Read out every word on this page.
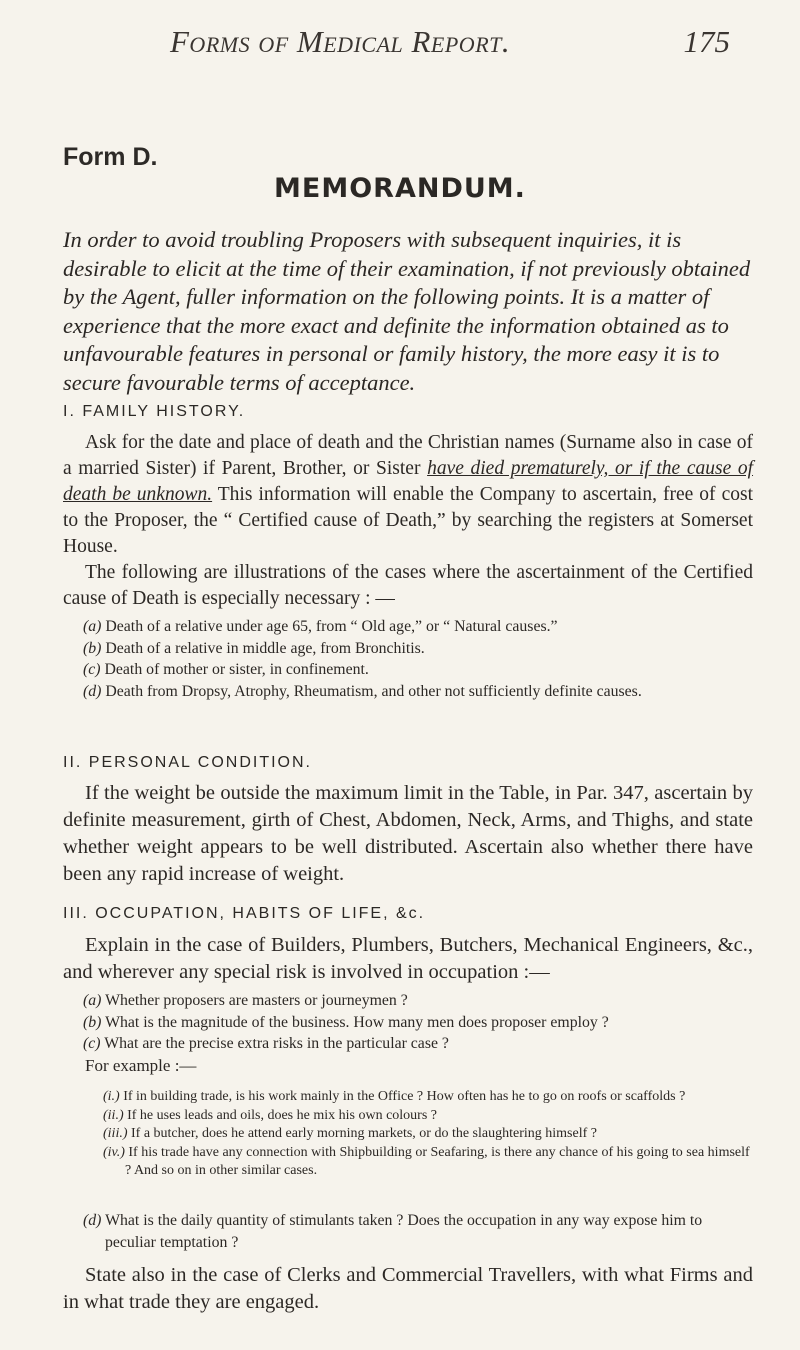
Forms of Medical Report.	175
Form D.
MEMORANDUM.
In order to avoid troubling Proposers with subsequent inquiries, it is desirable to elicit at the time of their examination, if not previously obtained by the Agent, fuller information on the following points. It is a matter of experience that the more exact and definite the information obtained as to unfavourable features in personal or family history, the more easy it is to secure favourable terms of acceptance.
I. FAMILY HISTORY.
Ask for the date and place of death and the Christian names (Surname also in case of a married Sister) if Parent, Brother, or Sister have died prematurely, or if the cause of death be unknown. This information will enable the Company to ascertain, free of cost to the Proposer, the “ Certified cause of Death,” by searching the registers at Somerset House.
The following are illustrations of the cases where the ascertainment of the Certified cause of Death is especially necessary : —
(a) Death of a relative under age 65, from “ Old age,” or “ Natural causes.”
(b) Death of a relative in middle age, from Bronchitis.
(c) Death of mother or sister, in confinement.
(d) Death from Dropsy, Atrophy, Rheumatism, and other not sufficiently definite causes.
II. PERSONAL CONDITION.
If the weight be outside the maximum limit in the Table, in Par. 347, ascertain by definite measurement, girth of Chest, Abdomen, Neck, Arms, and Thighs, and state whether weight appears to be well distributed. Ascertain also whether there have been any rapid increase of weight.
III. OCCUPATION, HABITS OF LIFE, &c.
Explain in the case of Builders, Plumbers, Butchers, Mechanical Engineers, &c., and wherever any special risk is involved in occupation :—
(a) Whether proposers are masters or journeymen ?
(b) What is the magnitude of the business. How many men does proposer employ ?
(c) What are the precise extra risks in the particular case ?
For example :—
(i.) If in building trade, is his work mainly in the Office ? How often has he to go on roofs or scaffolds ?
(ii.) If he uses leads and oils, does he mix his own colours ?
(iii.) If a butcher, does he attend early morning markets, or do the slaughtering himself ?
(iv.) If his trade have any connection with Shipbuilding or Seafaring, is there any chance of his going to sea himself ? And so on in other similar cases.
(d) What is the daily quantity of stimulants taken ? Does the occupation in any way expose him to peculiar temptation ?
State also in the case of Clerks and Commercial Travellers, with what Firms and in what trade they are engaged.
